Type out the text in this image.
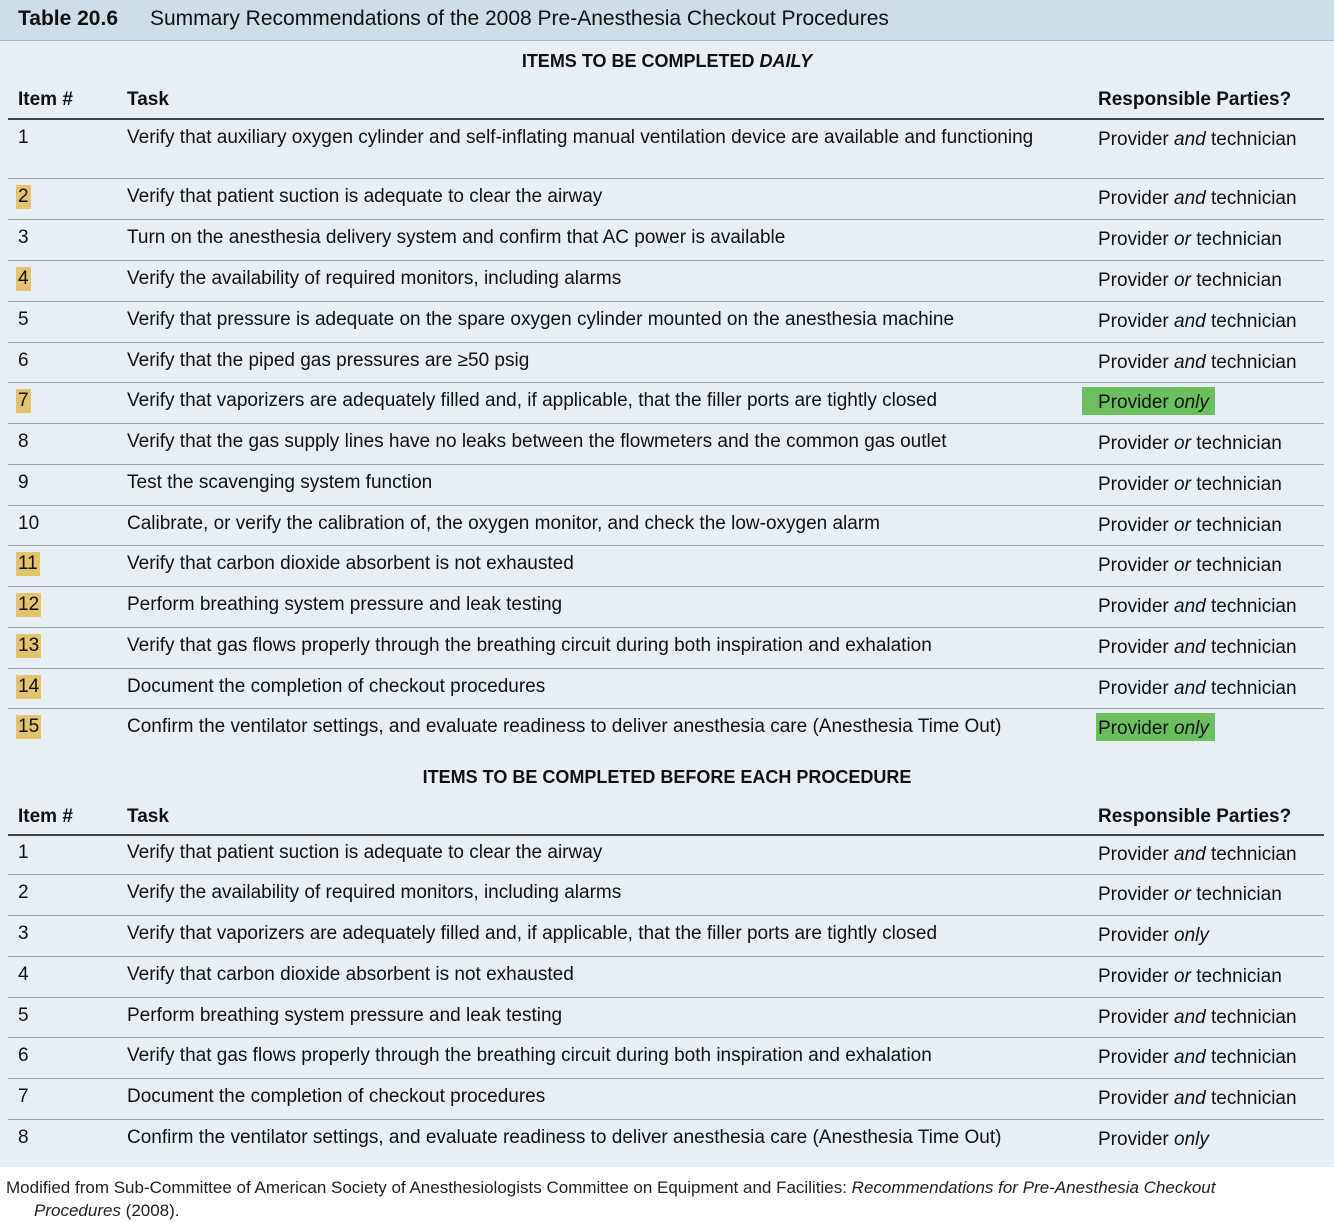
Table 20.6 Summary Recommendations of the 2008 Pre-Anesthesia Checkout Procedures
ITEMS TO BE COMPLETED DAILY
Item #	Task	Responsible Parties?
1	Verify that auxiliary oxygen cylinder and self-inflating manual ventilation device are available and functioning	Provider and technician
2	Verify that patient suction is adequate to clear the airway	Provider and technician
3	Turn on the anesthesia delivery system and confirm that AC power is available	Provider or technician
4	Verify the availability of required monitors, including alarms	Provider or technician
5	Verify that pressure is adequate on the spare oxygen cylinder mounted on the anesthesia machine	Provider and technician
6	Verify that the piped gas pressures are ≥50 psig	Provider and technician
7	Verify that vaporizers are adequately filled and, if applicable, that the filler ports are tightly closed	Provider only
8	Verify that the gas supply lines have no leaks between the flowmeters and the common gas outlet	Provider or technician
9	Test the scavenging system function	Provider or technician
10	Calibrate, or verify the calibration of, the oxygen monitor, and check the low-oxygen alarm	Provider or technician
11	Verify that carbon dioxide absorbent is not exhausted	Provider or technician
12	Perform breathing system pressure and leak testing	Provider and technician
13	Verify that gas flows properly through the breathing circuit during both inspiration and exhalation	Provider and technician
14	Document the completion of checkout procedures	Provider and technician
15	Confirm the ventilator settings, and evaluate readiness to deliver anesthesia care (Anesthesia Time Out)	Provider only
ITEMS TO BE COMPLETED BEFORE EACH PROCEDURE
Item #	Task	Responsible Parties?
1	Verify that patient suction is adequate to clear the airway	Provider and technician
2	Verify the availability of required monitors, including alarms	Provider or technician
3	Verify that vaporizers are adequately filled and, if applicable, that the filler ports are tightly closed	Provider only
4	Verify that carbon dioxide absorbent is not exhausted	Provider or technician
5	Perform breathing system pressure and leak testing	Provider and technician
6	Verify that gas flows properly through the breathing circuit during both inspiration and exhalation	Provider and technician
7	Document the completion of checkout procedures	Provider and technician
8	Confirm the ventilator settings, and evaluate readiness to deliver anesthesia care (Anesthesia Time Out)	Provider only
Modified from Sub-Committee of American Society of Anesthesiologists Committee on Equipment and Facilities: Recommendations for Pre-Anesthesia Checkout
Procedures (2008).
